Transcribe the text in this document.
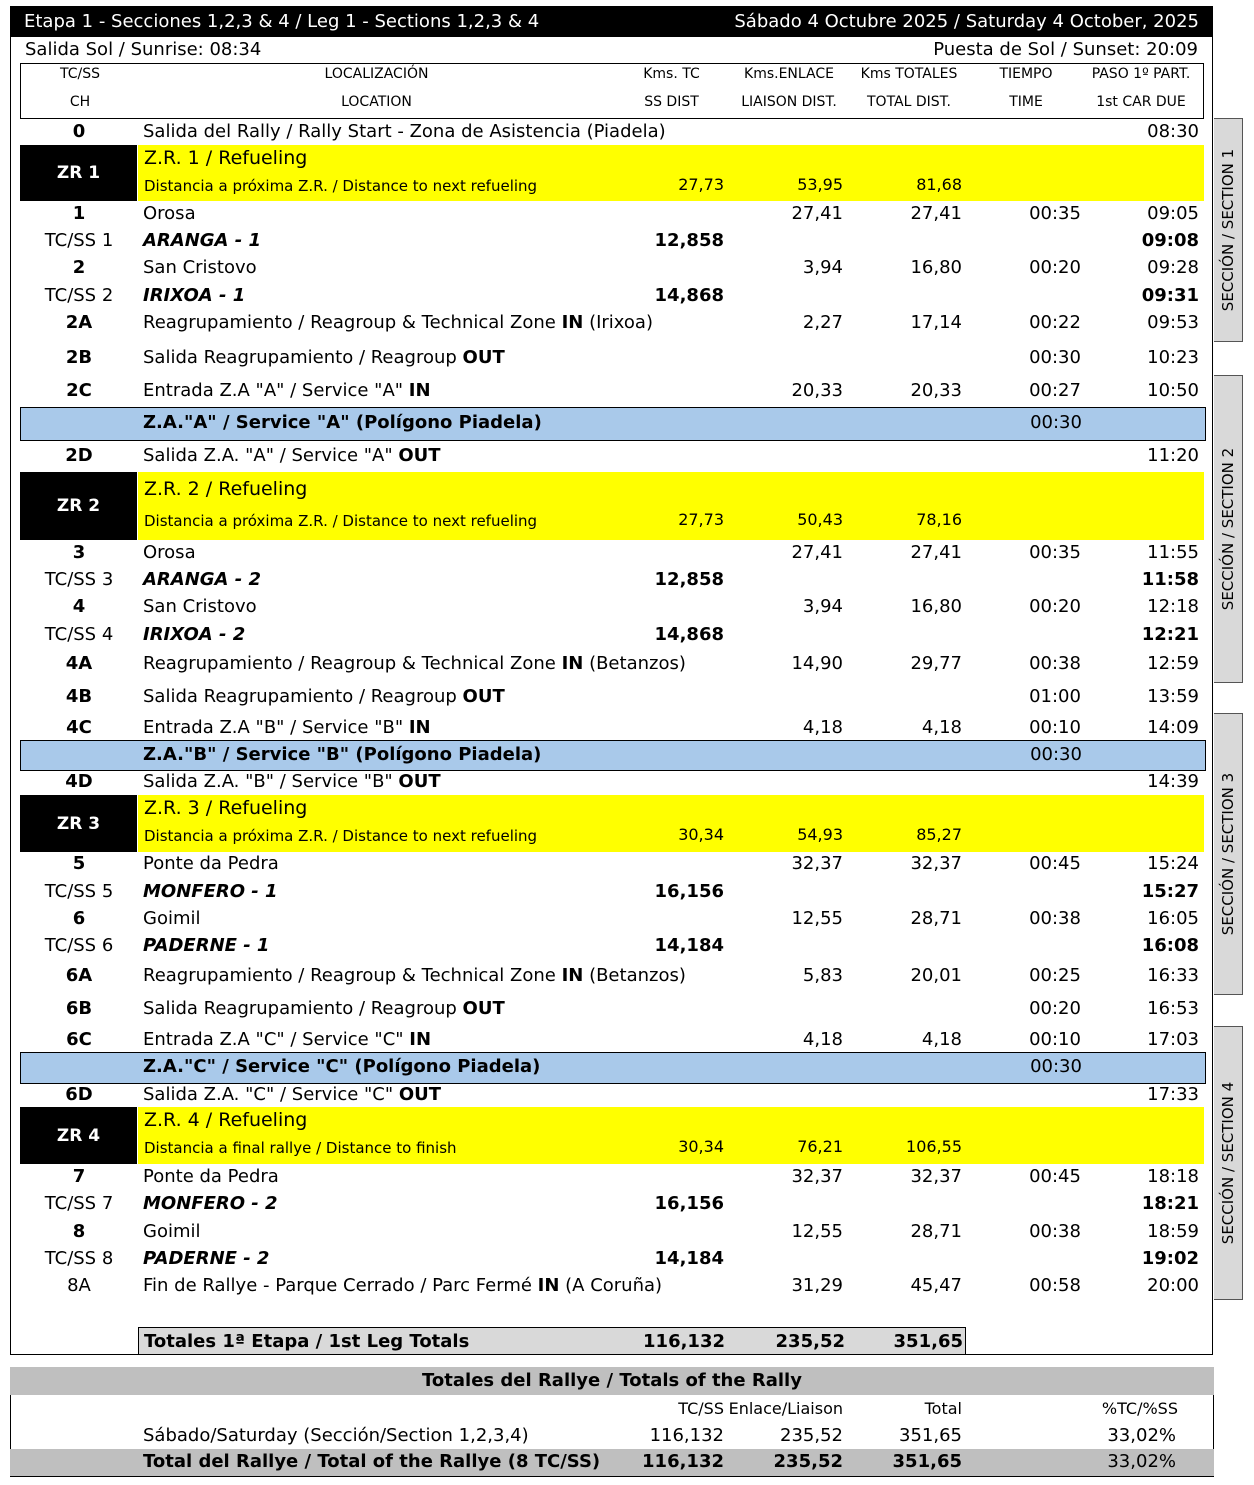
Etapa 1 - Secciones 1,2,3 & 4 / Leg 1 - Sections 1,2,3 & 4	Sábado 4 Octubre 2025 / Saturday 4 October, 2025
Salida Sol / Sunrise: 08:34	Puesta de Sol / Sunset: 20:09
TC/SS
CH
LOCALIZACIÓN
LOCATION
Kms. TC
SS DIST
Kms.ENLACE
LIAISON DIST.
Kms TOTALES
TOTAL DIST.
TIEMPO
TIME
PASO 1º PART.
1st CAR DUE
SECCIÓN / SECTION 1
SECCIÓN / SECTION 2
SECCIÓN / SECTION 3
SECCIÓN / SECTION 4
ZR 1
Z.R. 1 / Refueling
Distancia a próxima Z.R. / Distance to next refueling	27,73	53,95	81,68
ZR 2
Z.R. 2 / Refueling
Distancia a próxima Z.R. / Distance to next refueling	27,73	50,43	78,16
ZR 3
Z.R. 3 / Refueling
Distancia a próxima Z.R. / Distance to next refueling	30,34	54,93	85,27
ZR 4
Z.R. 4 / Refueling
Distancia a final rallye / Distance to finish	30,34	76,21	106,55
Z.A."A" / Service "A" (Polígono Piadela)	00:30
Z.A."B" / Service "B" (Polígono Piadela)	00:30
Z.A."C" / Service "C" (Polígono Piadela)	00:30
0	Salida del Rally / Rally Start - Zona de Asistencia (Piadela)	08:30
1	Orosa	27,41	27,41	00:35	09:05
TC/SS 1	ARANGA - 1	12,858	09:08
2	San Cristovo	3,94	16,80	00:20	09:28
TC/SS 2	IRIXOA - 1	14,868	09:31
2A	Reagrupamiento / Reagroup & Technical Zone IN (Irixoa)	2,27	17,14	00:22	09:53
2B	Salida Reagrupamiento / Reagroup OUT	00:30	10:23
2C	Entrada Z.A "A" / Service "A" IN	20,33	20,33	00:27	10:50
2D	Salida Z.A. "A" / Service "A" OUT	11:20
3	Orosa	27,41	27,41	00:35	11:55
TC/SS 3	ARANGA - 2	12,858	11:58
4	San Cristovo	3,94	16,80	00:20	12:18
TC/SS 4	IRIXOA - 2	14,868	12:21
4A	Reagrupamiento / Reagroup & Technical Zone IN (Betanzos)	14,90	29,77	00:38	12:59
4B	Salida Reagrupamiento / Reagroup OUT	01:00	13:59
4C	Entrada Z.A "B" / Service "B" IN	4,18	4,18	00:10	14:09
4D	Salida Z.A. "B" / Service "B" OUT	14:39
5	Ponte da Pedra	32,37	32,37	00:45	15:24
TC/SS 5	MONFERO - 1	16,156	15:27
6	Goimil	12,55	28,71	00:38	16:05
TC/SS 6	PADERNE - 1	14,184	16:08
6A	Reagrupamiento / Reagroup & Technical Zone IN (Betanzos)	5,83	20,01	00:25	16:33
6B	Salida Reagrupamiento / Reagroup OUT	00:20	16:53
6C	Entrada Z.A "C" / Service "C" IN	4,18	4,18	00:10	17:03
6D	Salida Z.A. "C" / Service "C" OUT	17:33
7	Ponte da Pedra	32,37	32,37	00:45	18:18
TC/SS 7	MONFERO - 2	16,156	18:21
8	Goimil	12,55	28,71	00:38	18:59
TC/SS 8	PADERNE - 2	14,184	19:02
8A	Fin de Rallye - Parque Cerrado / Parc Fermé IN (A Coruña)	31,29	45,47	00:58	20:00
Totales 1ª Etapa / 1st Leg Totals	116,132	235,52	351,65
Totales del Rallye / Totals of the Rally
TC/SS Enlace/Liaison	Total	%TC/%SS
Sábado/Saturday (Sección/Section 1,2,3,4)	116,132	235,52	351,65	33,02%
Total del Rallye / Total of the Rallye (8 TC/SS) 116,132	235,52	351,65	33,02%
